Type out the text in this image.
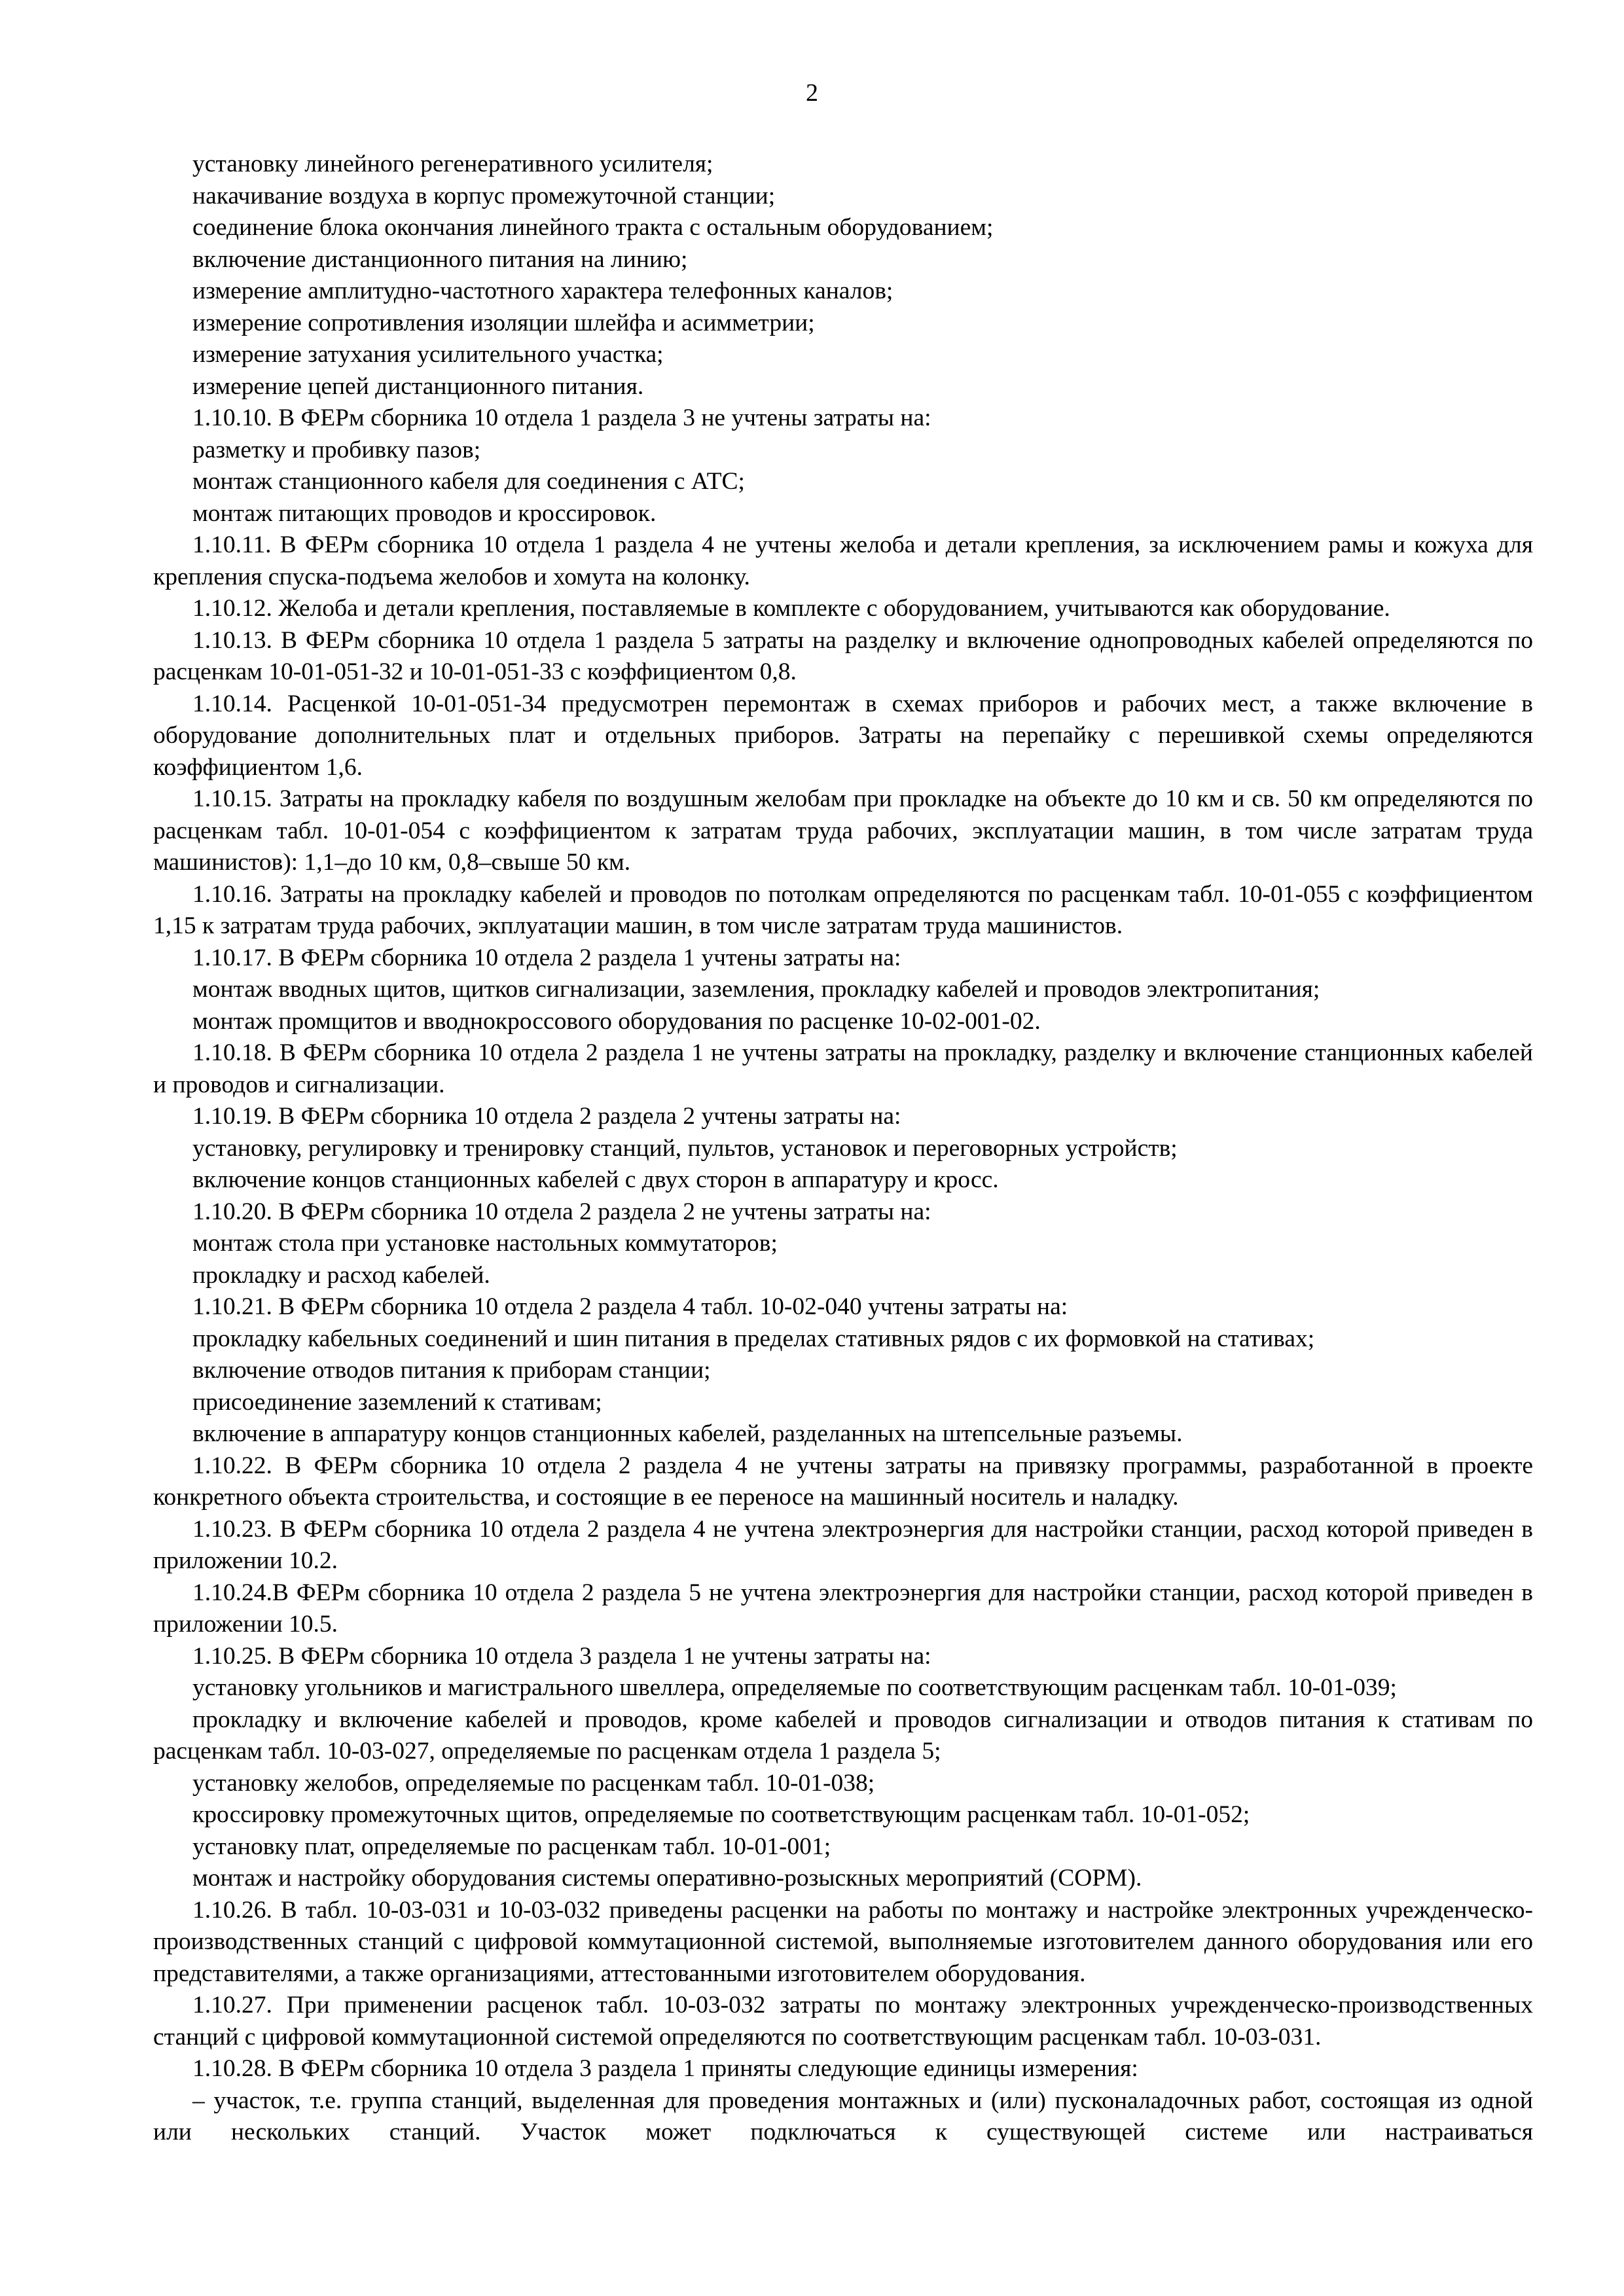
2

установку линейного регенеративного усилителя;

накачивание воздуха в корпус промежуточной станции;

соединение блока окончания линейного тракта с остальным оборудованием;

включение дистанционного питания на линию;

измерение амплитудно-частотного характера телефонных каналов;

измерение сопротивления изоляции шлейфа и асимметрии;

измерение затухания усилительного участка;

измерение цепей дистанционного питания.

1.10.10. В ФЕРм сборника 10 отдела 1 раздела 3 не учтены затраты на:

разметку и пробивку пазов;

монтаж станционного кабеля для соединения с АТС;

монтаж питающих проводов и кроссировок.

1.10.11. В ФЕРм сборника 10 отдела 1 раздела 4 не учтены желоба и детали крепления, за исключением рамы и кожуха для крепления спуска-подъема желобов и хомута на колонку.

1.10.12. Желоба и детали крепления, поставляемые в комплекте с оборудованием, учитываются как оборудование.

1.10.13. В ФЕРм сборника 10 отдела 1 раздела 5 затраты на разделку и включение однопроводных кабелей определяются по расценкам 10-01-051-32 и 10-01-051-33 с коэффициентом 0,8.

1.10.14. Расценкой 10-01-051-34 предусмотрен перемонтаж в схемах приборов и рабочих мест, а также включение в оборудование дополнительных плат и отдельных приборов. Затраты на перепайку с перешивкой схемы определяются коэффициентом 1,6.

1.10.15. Затраты на прокладку кабеля по воздушным желобам при прокладке на объекте до 10 км и св. 50 км определяются по расценкам табл. 10-01-054 с коэффициентом к затратам труда рабочих, эксплуатации машин, в том числе затратам труда машинистов): 1,1–до 10 км, 0,8–свыше 50 км.

1.10.16. Затраты на прокладку кабелей и проводов по потолкам определяются по расценкам табл. 10-01-055 с коэффициентом 1,15 к затратам труда рабочих, экплуатации машин, в том числе затратам труда машинистов.

1.10.17. В ФЕРм сборника 10 отдела 2 раздела 1 учтены затраты на:

монтаж вводных щитов, щитков сигнализации, заземления, прокладку кабелей и проводов электропитания;

монтаж промщитов и вводнокроссового оборудования по расценке 10-02-001-02.

1.10.18. В ФЕРм сборника 10 отдела 2 раздела 1 не учтены затраты на прокладку, разделку и включение станционных кабелей и проводов и сигнализации.

1.10.19. В ФЕРм сборника 10 отдела 2 раздела 2 учтены затраты на:

установку, регулировку и тренировку станций, пультов, установок и переговорных устройств;

включение концов станционных кабелей с двух сторон в аппаратуру и кросс.

1.10.20. В ФЕРм сборника 10 отдела 2 раздела 2 не учтены затраты на:

монтаж стола при установке настольных коммутаторов;

прокладку и расход кабелей.

1.10.21. В ФЕРм сборника 10 отдела 2 раздела 4 табл. 10-02-040 учтены затраты на:

прокладку кабельных соединений и шин питания в пределах стативных рядов с их формовкой на стативах;

включение отводов питания к приборам станции;

присоединение заземлений к стативам;

включение в аппаратуру концов станционных кабелей, разделанных на штепсельные разъемы.

1.10.22. В ФЕРм сборника 10 отдела 2 раздела 4 не учтены затраты на привязку программы, разработанной в проекте конкретного объекта строительства, и состоящие в ее переносе на машинный носитель и наладку.

1.10.23. В ФЕРм сборника 10 отдела 2 раздела 4 не учтена электроэнергия для настройки станции, расход которой приведен в приложении 10.2.

1.10.24.В ФЕРм сборника 10 отдела 2 раздела 5 не учтена электроэнергия для настройки станции, расход которой приведен в приложении 10.5.

1.10.25. В ФЕРм сборника 10 отдела 3 раздела 1 не учтены затраты на:

установку угольников и магистрального швеллера, определяемые по соответствующим расценкам табл. 10-01-039;

прокладку и включение кабелей и проводов, кроме кабелей и проводов сигнализации и отводов питания к стативам по расценкам табл. 10-03-027, определяемые по расценкам отдела 1 раздела 5;

установку желобов, определяемые по расценкам табл. 10-01-038;

кроссировку промежуточных щитов, определяемые по соответствующим расценкам табл. 10-01-052;

установку плат, определяемые по расценкам табл. 10-01-001;

монтаж и настройку оборудования системы оперативно-розыскных мероприятий (СОРМ).

1.10.26. В табл. 10-03-031 и 10-03-032 приведены расценки на работы по монтажу и настройке электронных учрежденческо-производственных станций с цифровой коммутационной системой, выполняемые изготовителем данного оборудования или его представителями, а также организациями, аттестованными изготовителем оборудования.

1.10.27. При применении расценок табл. 10-03-032 затраты по монтажу электронных учрежденческо-производственных станций с цифровой коммутационной системой определяются по соответствующим расценкам табл. 10-03-031.

1.10.28. В ФЕРм сборника 10 отдела 3 раздела 1 приняты следующие единицы измерения:

– участок, т.е. группа станций, выделенная для проведения монтажных и (или) пусконаладочных работ, состоящая из одной или нескольких станций. Участок может подключаться к существующей системе или настраиваться
